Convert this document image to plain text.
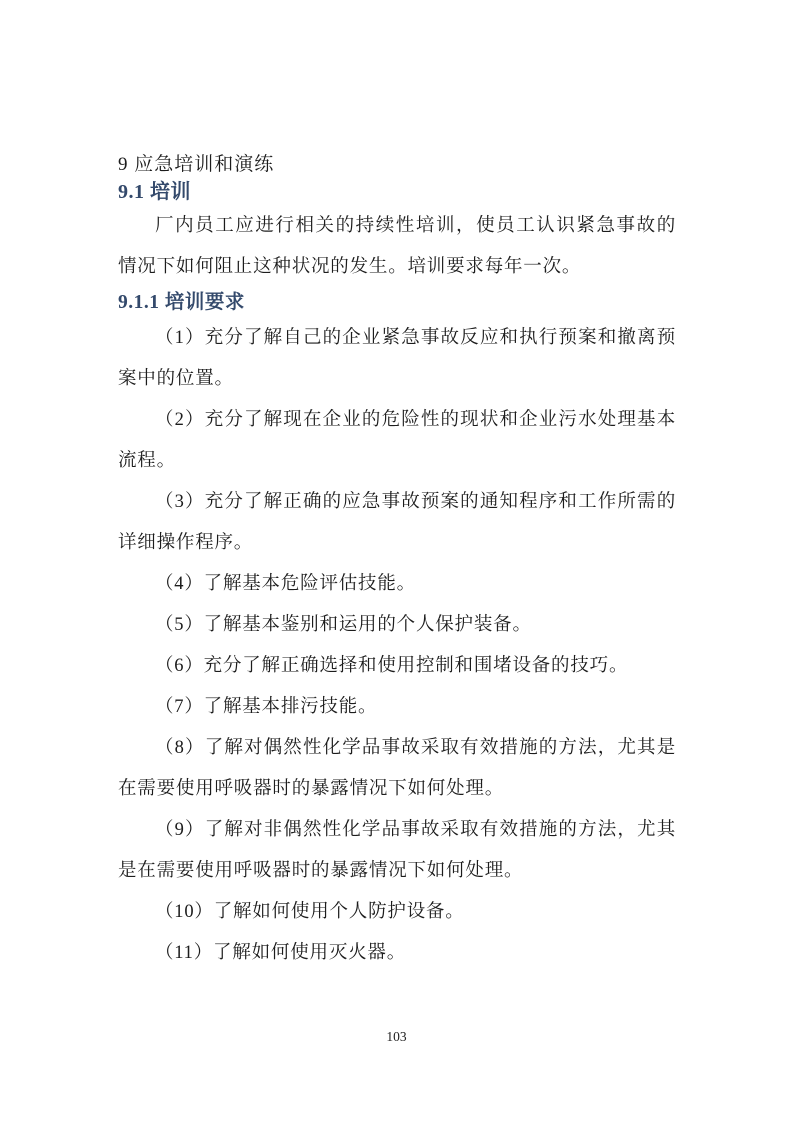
9 应急培训和演练

9.1 培训

厂内员工应进行相关的持续性培训，使员工认识紧急事故的情况下如何阻止这种状况的发生。培训要求每年一次。

9.1.1 培训要求

（1）充分了解自己的企业紧急事故反应和执行预案和撤离预案中的位置。

（2）充分了解现在企业的危险性的现状和企业污水处理基本流程。

（3）充分了解正确的应急事故预案的通知程序和工作所需的详细操作程序。

（4）了解基本危险评估技能。

（5）了解基本鉴别和运用的个人保护装备。

（6）充分了解正确选择和使用控制和围堵设备的技巧。

（7）了解基本排污技能。

（8）了解对偶然性化学品事故采取有效措施的方法，尤其是在需要使用呼吸器时的暴露情况下如何处理。

（9）了解对非偶然性化学品事故采取有效措施的方法，尤其是在需要使用呼吸器时的暴露情况下如何处理。

（10）了解如何使用个人防护设备。

（11）了解如何使用灭火器。

103
